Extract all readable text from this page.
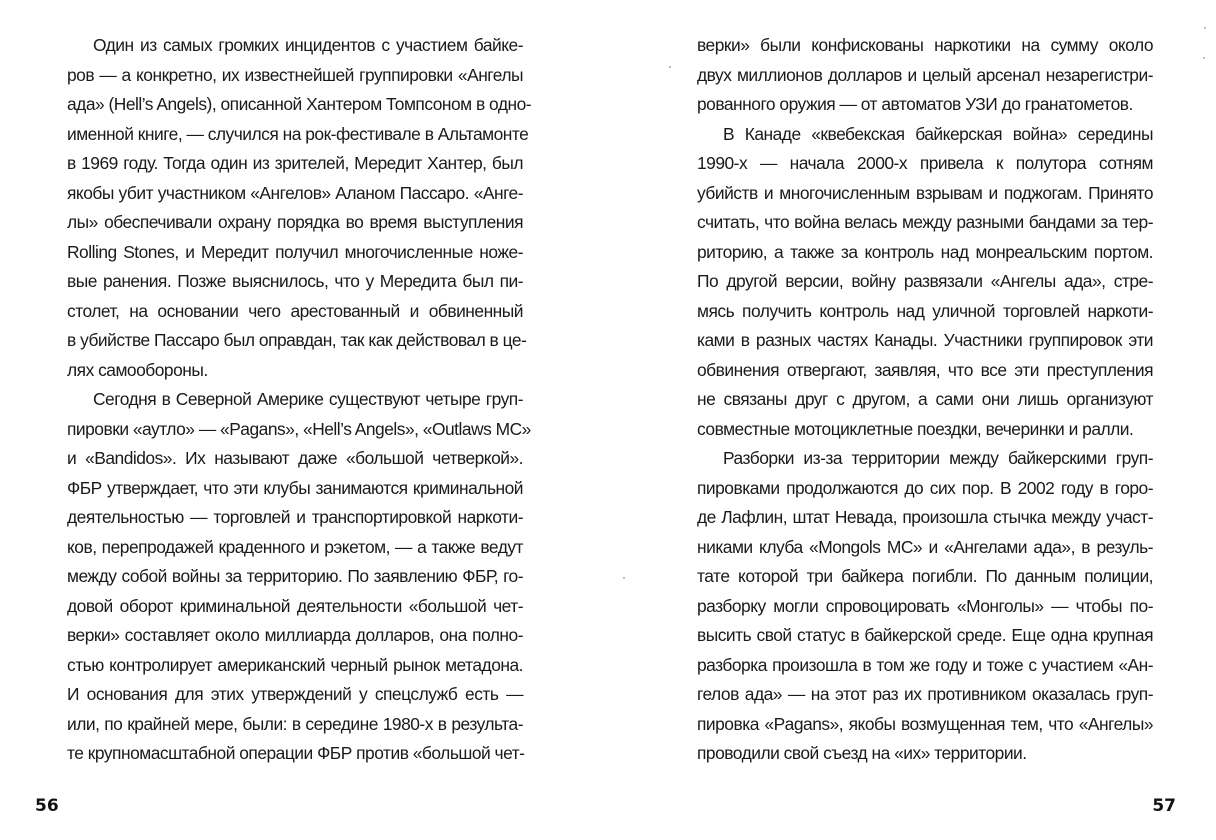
Один из самых громких инцидентов с участием байке-
ров — а конкретно, их известнейшей группировки «Ангелы
ада» (Hell’s Angels), описанной Хантером Томпсоном в одно-
именной книге, — случился на рок-фестивале в Альтамонте
в 1969 году. Тогда один из зрителей, Мередит Хантер, был
якобы убит участником «Ангелов» Аланом Пассаро. «Анге-
лы» обеспечивали охрану порядка во время выступления
Rolling Stones, и Мередит получил многочисленные ноже-
вые ранения. Позже выяснилось, что у Мередита был пи-
столет, на основании чего арестованный и обвиненный
в убийстве Пассаро был оправдан, так как действовал в це-
лях самообороны.
Сегодня в Северной Америке существуют четыре груп-
пировки «аутло» — «Pagans», «Hell’s Angels», «Outlaws MC»
и «Bandidos». Их называют даже «большой четверкой».
ФБР утверждает, что эти клубы занимаются криминальной
деятельностью — торговлей и транспортировкой наркоти-
ков, перепродажей краденного и рэкетом, — а также ведут
между собой войны за территорию. По заявлению ФБР, го-
довой оборот криминальной деятельности «большой чет-
верки» составляет около миллиарда долларов, она полно-
стью контролирует американский черный рынок метадона.
И основания для этих утверждений у спецслужб есть —
или, по крайней мере, были: в середине 1980-х в результа-
те крупномасштабной операции ФБР против «большой чет-
56
·
верки» были конфискованы наркотики на сумму около
двух миллионов долларов и целый арсенал незарегистри-
рованного оружия — от автоматов УЗИ до гранатометов.
В Канаде «квебекская байкерская война» середины
1990-х — начала 2000-х привела к полутора сотням
убийств и многочисленным взрывам и поджогам. Принято
считать, что война велась между разными бандами за тер-
риторию, а также за контроль над монреальским портом.
По другой версии, войну развязали «Ангелы ада», стре-
мясь получить контроль над уличной торговлей наркоти-
ками в разных частях Канады. Участники группировок эти
обвинения отвергают, заявляя, что все эти преступления
не связаны друг с другом, а сами они лишь организуют
совместные мотоциклетные поездки, вечеринки и ралли.
Разборки из-за территории между байкерскими груп-
пировками продолжаются до сих пор. В 2002 году в горо-
де Лафлин, штат Невада, произошла стычка между участ-
никами клуба «Mongols MC» и «Ангелами ада», в резуль-
тате которой три байкера погибли. По данным полиции,
разборку могли спровоцировать «Монголы» — чтобы по-
высить свой статус в байкерской среде. Еще одна крупная
разборка произошла в том же году и тоже с участием «Ан-
гелов ада» — на этот раз их противником оказалась груп-
пировка «Pagans», якобы возмущенная тем, что «Ангелы»
проводили свой съезд на «их» территории.
57
ˊ
·
·
